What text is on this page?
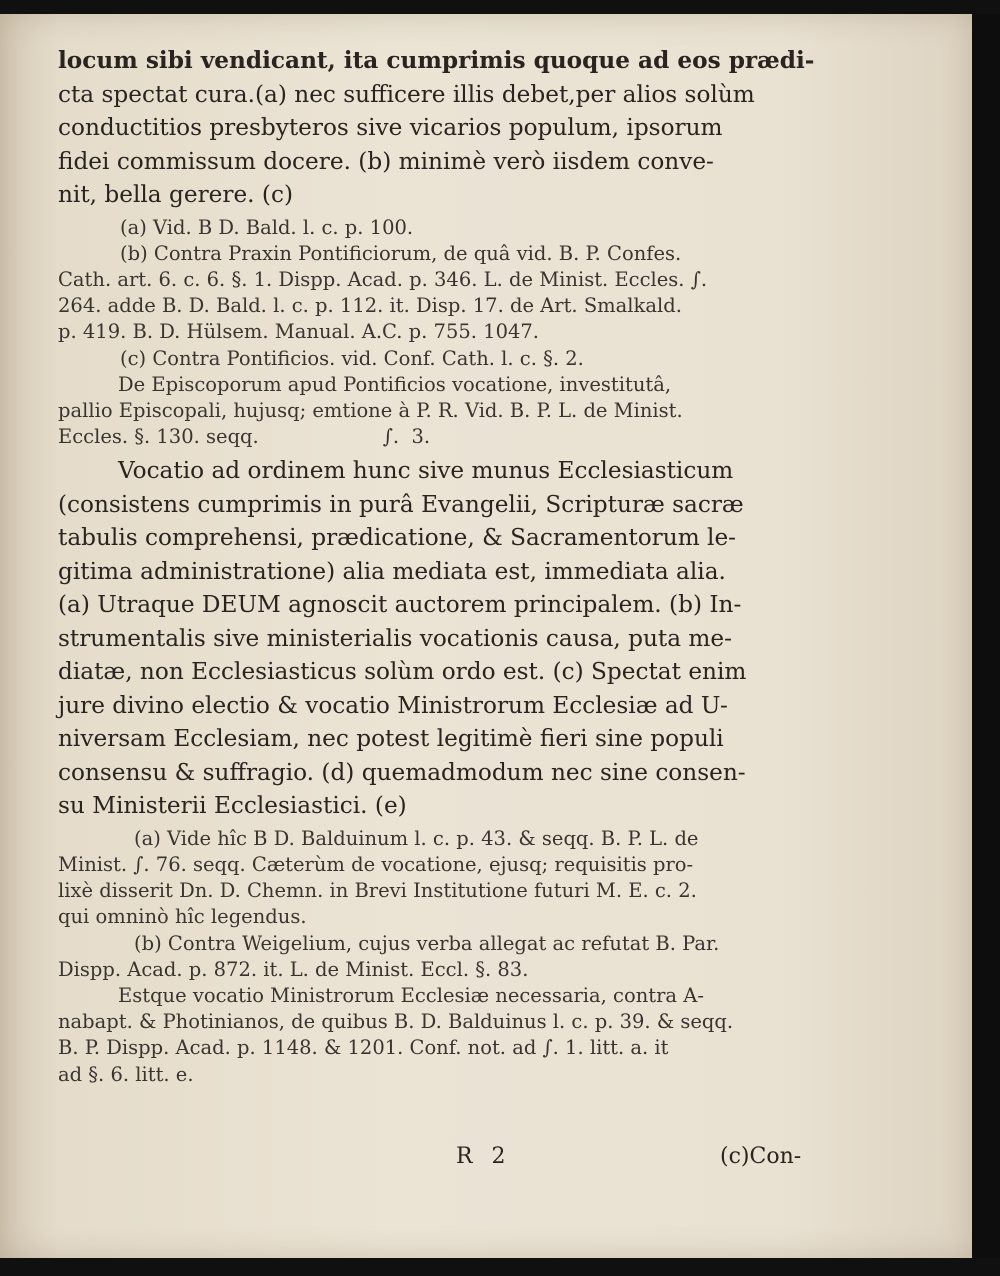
locum sibi vendicant, ita cumprimis quoque ad eos prædi-

cta spectat cura.(a) nec sufficere illis debet,per alios solùm

conductitios presbyteros sive vicarios populum, ipsorum

fidei commissum docere. (b) minimè verò iisdem conve-

nit, bella gerere. (c)

(a) Vid. B D. Bald. l. c. p. 100.

(b) Contra Praxin Pontificiorum, de quâ vid. B. P. Confes.

Cath. art. 6. c. 6. §. 1. Dispp. Acad. p. 346. L. de Minist. Eccles. ∫.

264. adde B. D. Bald. l. c. p. 112. it. Disp. 17. de Art. Smalkald.

p. 419. B. D. Hülsem. Manual. A.C. p. 755. 1047.

(c) Contra Pontificios. vid. Conf. Cath. l. c. §. 2.

De Episcoporum apud Pontificios vocatione, investitutâ,

pallio Episcopali, hujusq; emtione à P. R. Vid. B. P. L. de Minist.

Eccles. §. 130. seqq.                    ∫.  3.

Vocatio ad ordinem hunc sive munus Ecclesiasticum

(consistens cumprimis in purâ Evangelii, Scripturæ sacræ

tabulis comprehensi, prædicatione, & Sacramentorum le-

gitima administratione) alia mediata est, immediata alia.

(a) Utraque DEUM agnoscit auctorem principalem. (b) In-

strumentalis sive ministerialis vocationis causa, puta me-

diatæ, non Ecclesiasticus solùm ordo est. (c) Spectat enim

jure divino electio & vocatio Ministrorum Ecclesiæ ad U-

niversam Ecclesiam, nec potest legitimè fieri sine populi

consensu & suffragio. (d) quemadmodum nec sine consen-

su Ministerii Ecclesiastici. (e)

(a) Vide hîc B D. Balduinum l. c. p. 43. & seqq. B. P. L. de

Minist. ∫. 76. seqq. Cæterùm de vocatione, ejusq; requisitis pro-

lixè disserit Dn. D. Chemn. in Brevi Institutione futuri M. E. c. 2.

qui omninò hîc legendus.

(b) Contra Weigelium, cujus verba allegat ac refutat B. Par.

Dispp. Acad. p. 872. it. L. de Minist. Eccl. §. 83.

Estque vocatio Ministrorum Ecclesiæ necessaria, contra A-

nabapt. & Photinianos, de quibus B. D. Balduinus l. c. p. 39. & seqq.

B. P. Dispp. Acad. p. 1148. & 1201. Conf. not. ad ∫. 1. litt. a. it

ad §. 6. litt. e.

R 2	(c)Con-
